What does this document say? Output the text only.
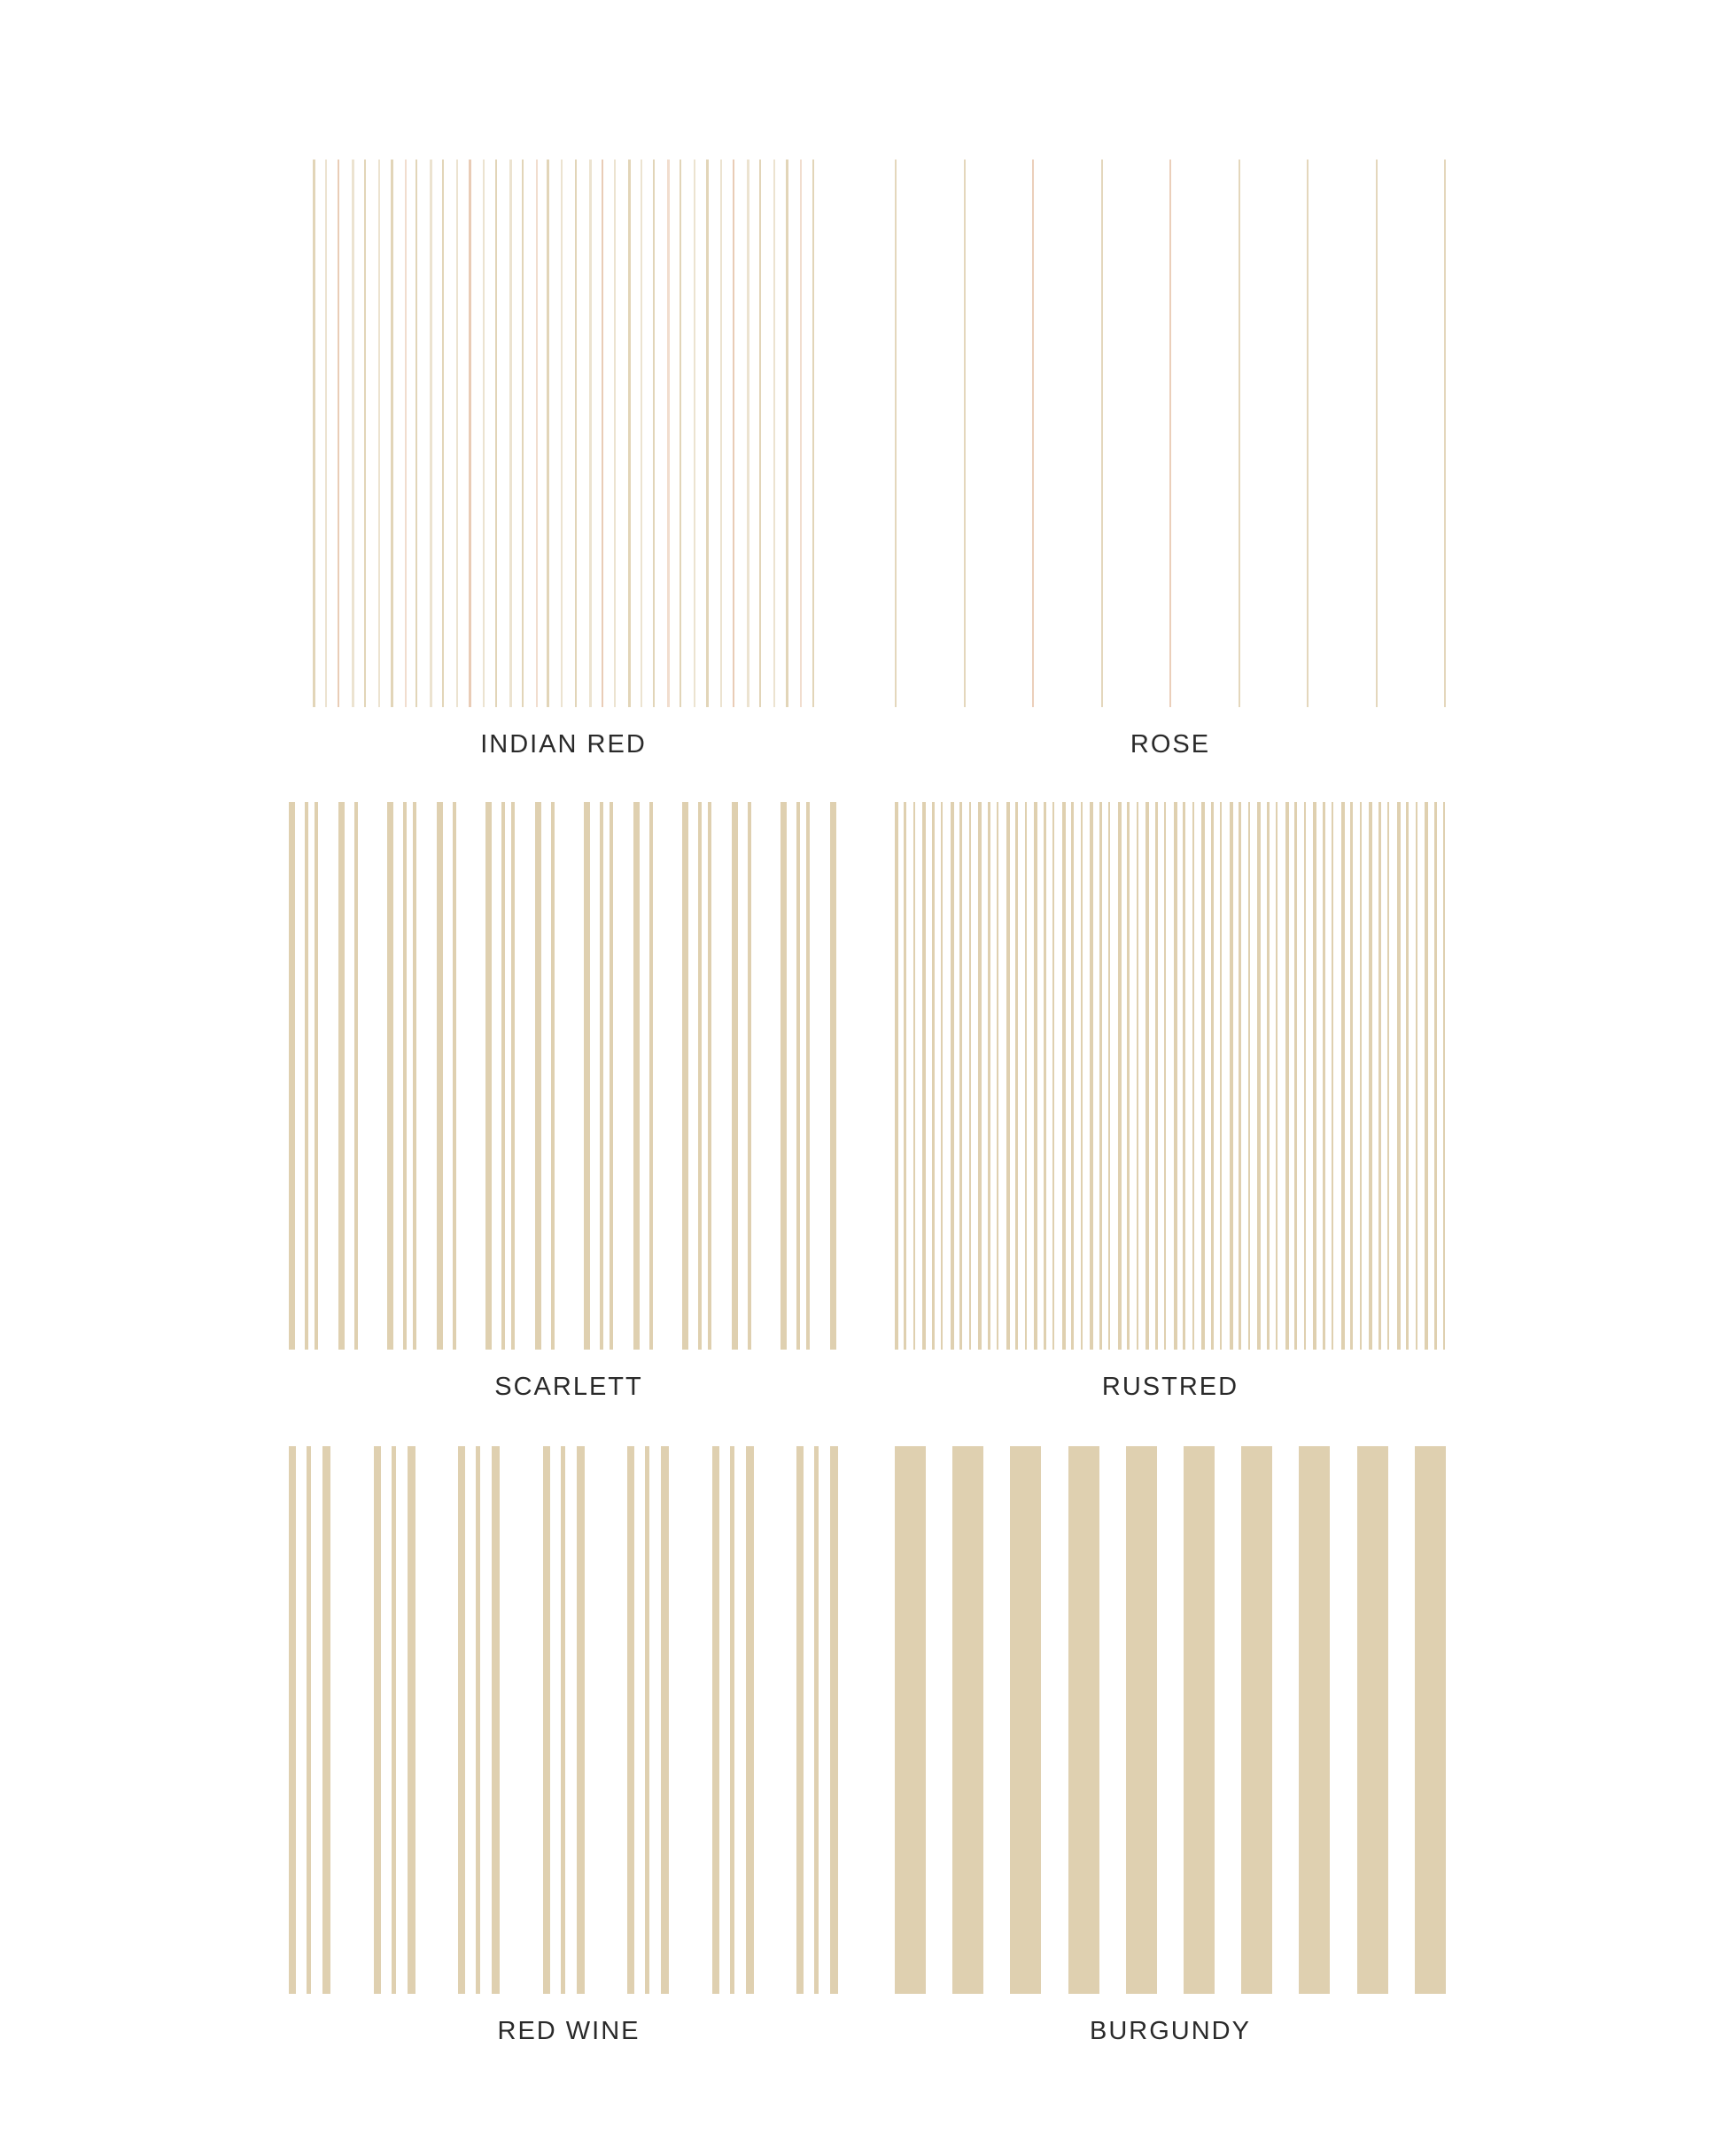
INDIAN RED	ROSE
SCARLETT	RUSTRED
RED WINE	BURGUNDY
